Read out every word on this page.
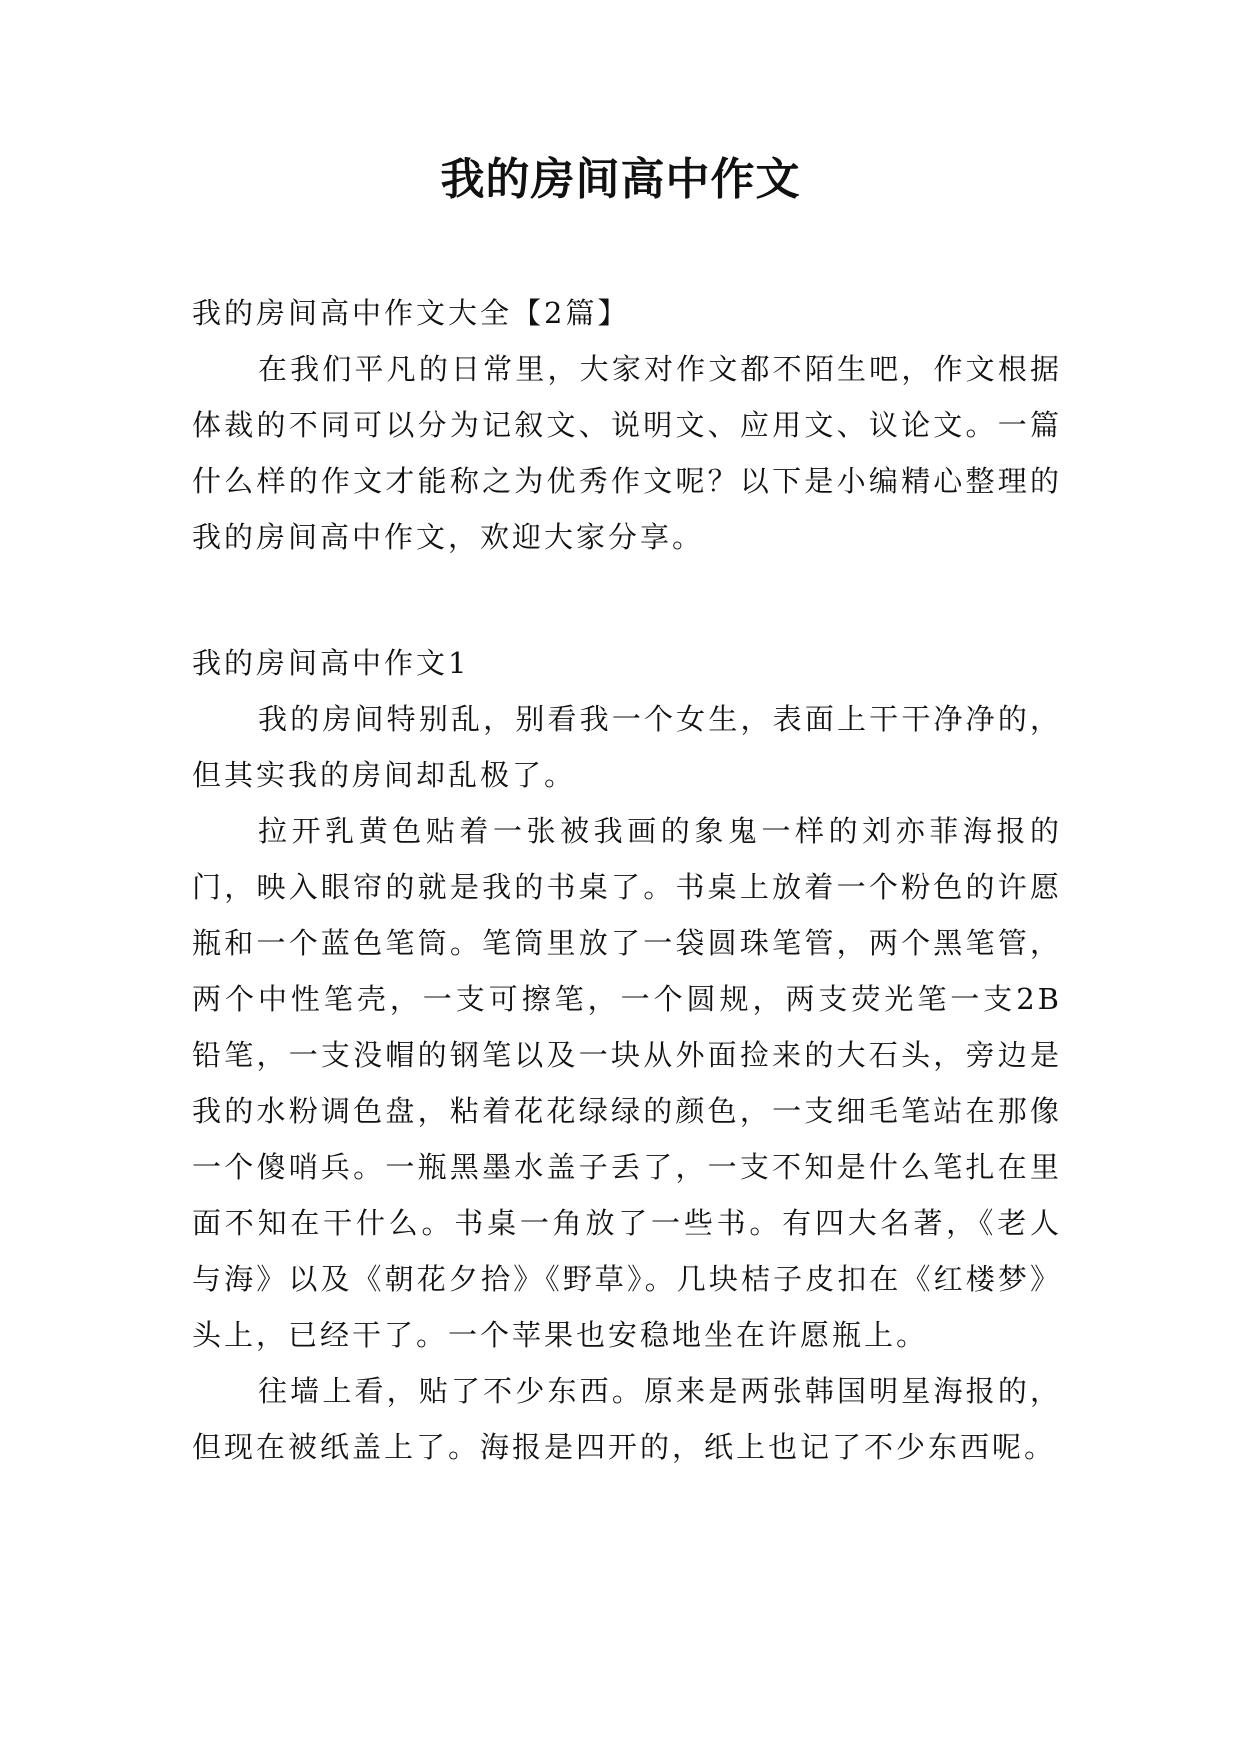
我的房间高中作文

我的房间高中作文大全【2篇】

在我们平凡的日常里，大家对作文都不陌生吧，作文根据体裁的不同可以分为记叙文、说明文、应用文、议论文。一篇什么样的作文才能称之为优秀作文呢？以下是小编精心整理的我的房间高中作文，欢迎大家分享。

我的房间高中作文1

我的房间特别乱，别看我一个女生，表面上干干净净的，但其实我的房间却乱极了。

拉开乳黄色贴着一张被我画的象鬼一样的刘亦菲海报的门，映入眼帘的就是我的书桌了。书桌上放着一个粉色的许愿瓶和一个蓝色笔筒。笔筒里放了一袋圆珠笔管，两个黑笔管，两个中性笔壳，一支可擦笔，一个圆规，两支荧光笔一支2B铅笔，一支没帽的钢笔以及一块从外面捡来的大石头，旁边是我的水粉调色盘，粘着花花绿绿的颜色，一支细毛笔站在那像一个傻哨兵。一瓶黑墨水盖子丢了，一支不知是什么笔扎在里面不知在干什么。书桌一角放了一些书。有四大名著，《老人与海》以及《朝花夕拾》《野草》。几块桔子皮扣在《红楼梦》头上，已经干了。一个苹果也安稳地坐在许愿瓶上。

往墙上看，贴了不少东西。原来是两张韩国明星海报的，但现在被纸盖上了。海报是四开的，纸上也记了不少东西呢。
